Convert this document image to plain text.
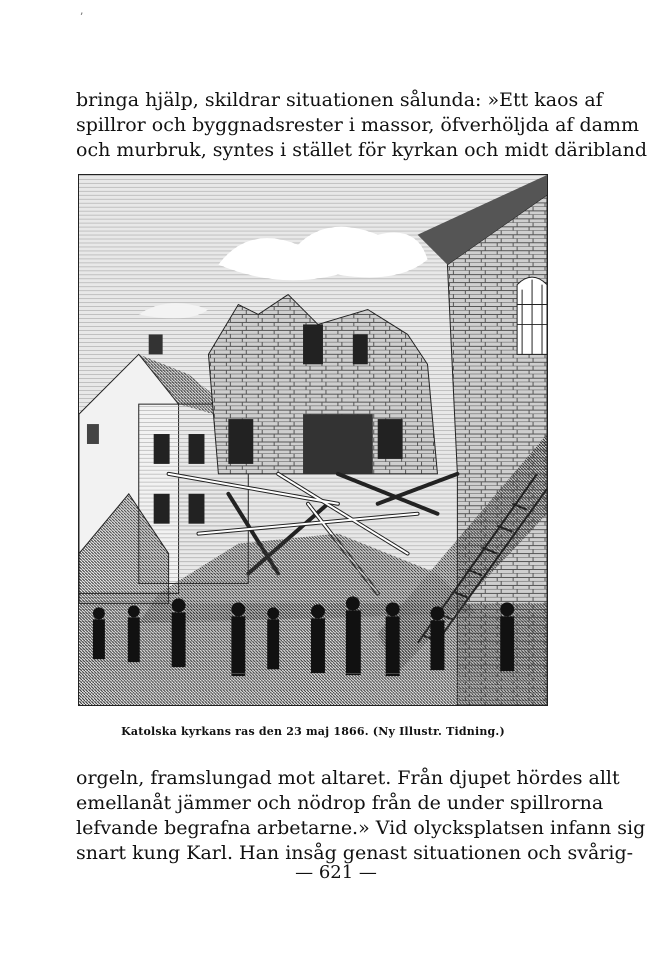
’
bringa hjälp, skildrar situationen sålunda: »Ett kaos af
spillror och byggnadsrester i massor, öfverhöljda af damm
och murbruk, syntes i stället för kyrkan och midt däribland
Katolska kyrkans ras den 23 maj 1866. (Ny Illustr. Tidning.)
orgeln, framslungad mot altaret. Från djupet hördes allt
emellanåt jämmer och nödrop från de under spillrorna
lefvande begrafna arbetarne.» Vid olycksplatsen infann sig
snart kung Karl. Han insåg genast situationen och svårig-
— 621 —
